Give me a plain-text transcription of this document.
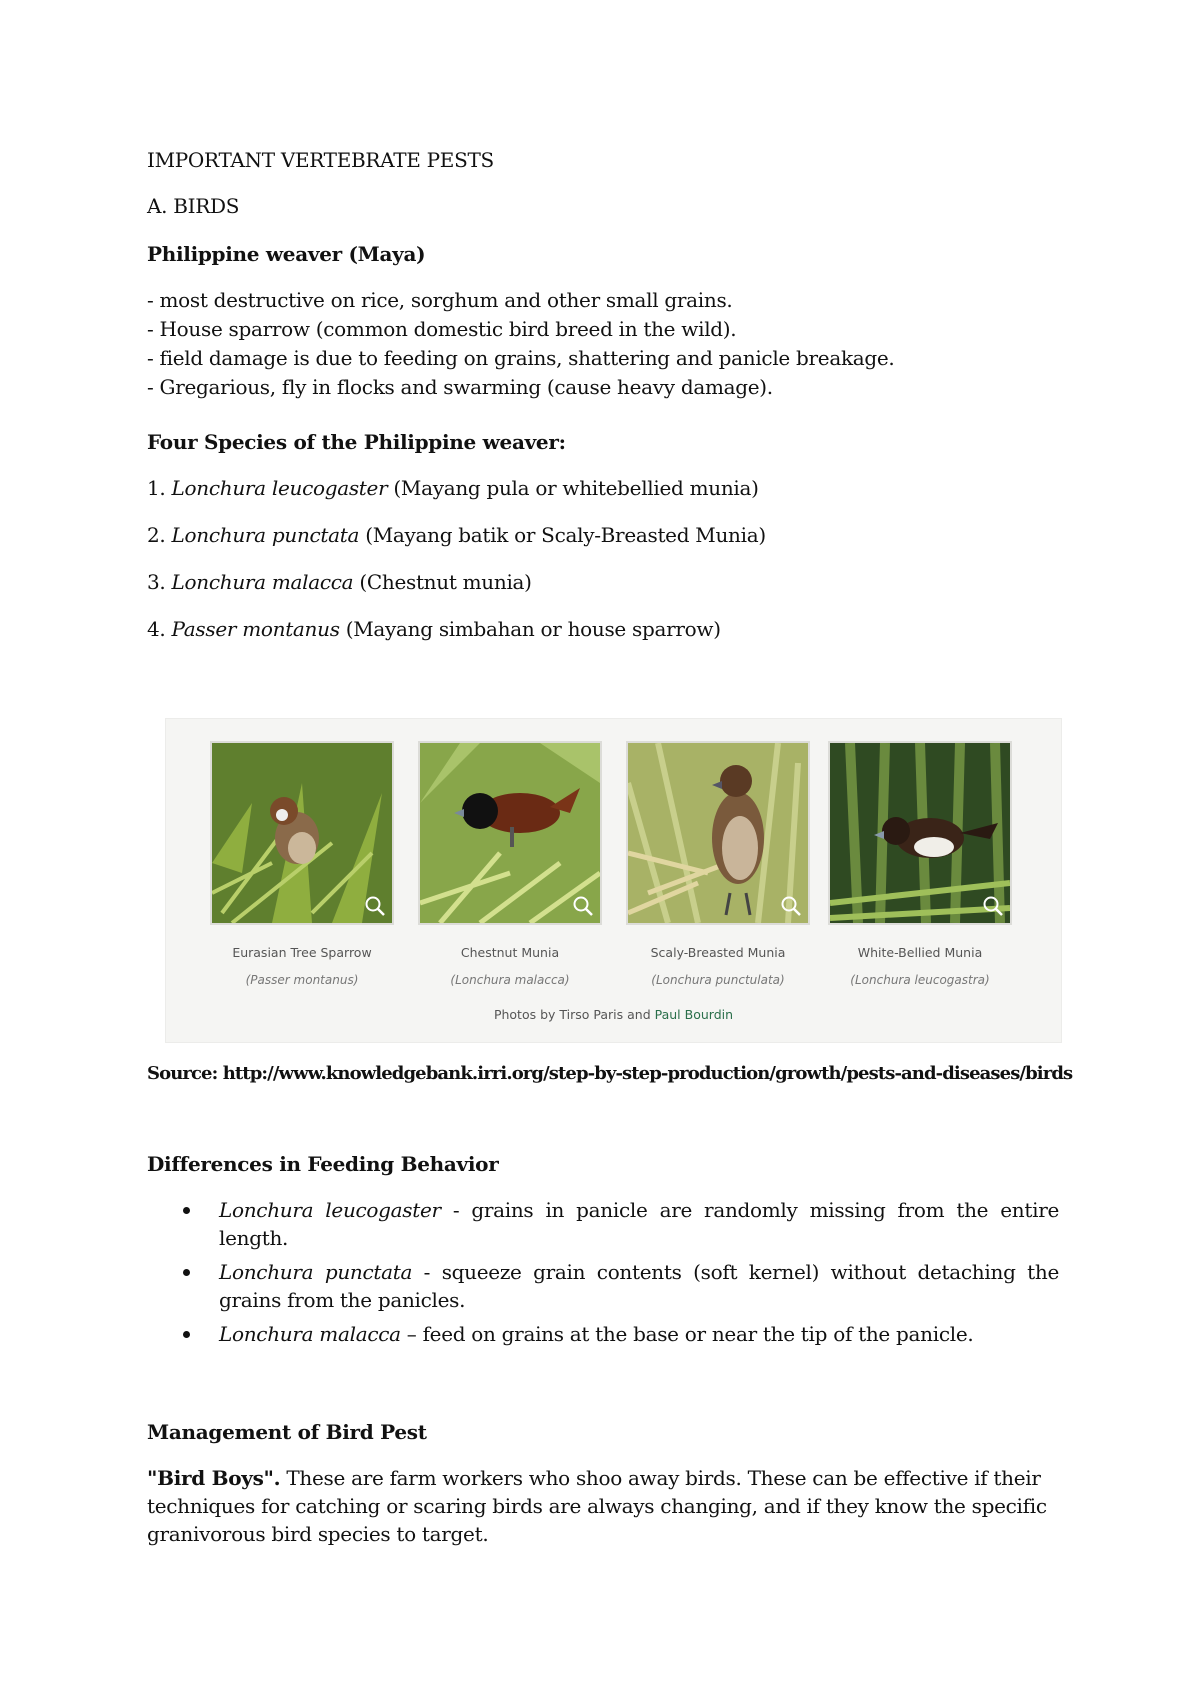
IMPORTANT VERTEBRATE PESTS

A. BIRDS

Philippine weaver (Maya)

- most destructive on rice, sorghum and other small grains.

- House sparrow (common domestic bird breed in the wild).

- field damage is due to feeding on grains, shattering and panicle breakage.

- Gregarious, fly in flocks and swarming (cause heavy damage).

Four Species of the Philippine weaver:

1. Lonchura leucogaster (Mayang pula or whitebellied munia)

2. Lonchura punctata (Mayang batik or Scaly-Breasted Munia)

3. Lonchura malacca (Chestnut munia)

4. Passer montanus (Mayang simbahan or house sparrow)

Eurasian Tree Sparrow
(Passer montanus)
Chestnut Munia
(Lonchura malacca)
Scaly-Breasted Munia
(Lonchura punctulata)
White-Bellied Munia
(Lonchura leucogastra)
Photos by Tirso Paris and Paul Bourdin

Source: http://www.knowledgebank.irri.org/step-by-step-production/growth/pests-and-diseases/birds

Differences in Feeding Behavior

Lonchura leucogaster - grains in panicle are randomly missing from the entire length.

Lonchura punctata - squeeze grain contents (soft kernel) without detaching the grains from the panicles.

Lonchura malacca – feed on grains at the base or near the tip of the panicle.

Management of Bird Pest

"Bird Boys". These are farm workers who shoo away birds. These can be effective if their techniques for catching or scaring birds are always changing, and if they know the specific granivorous bird species to target.
